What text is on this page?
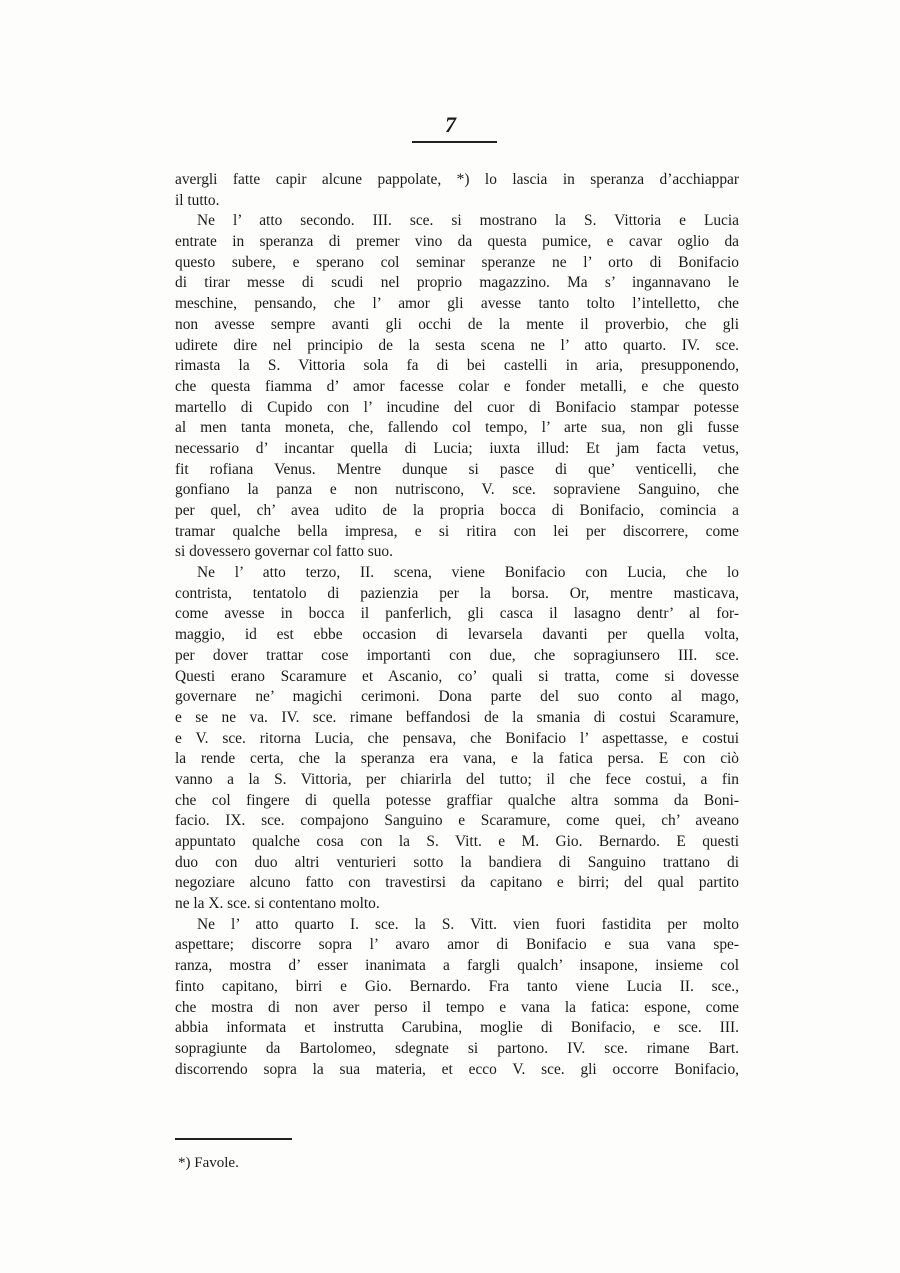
7
avergli fatte capir alcune pappolate, *) lo lascia in speranza d’acchiappar
il tutto.
Ne l’ atto secondo. III. sce. si mostrano la S. Vittoria e Lucia
entrate in speranza di premer vino da questa pumice, e cavar oglio da
questo subere, e sperano col seminar speranze ne l’ orto di Bonifacio
di tirar messe di scudi nel proprio magazzino. Ma s’ ingannavano le
meschine, pensando, che l’ amor gli avesse tanto tolto l’intelletto, che
non avesse sempre avanti gli occhi de la mente il proverbio, che gli
udirete dire nel principio de la sesta scena ne l’ atto quarto. IV. sce.
rimasta la S. Vittoria sola fa di bei castelli in aria, presupponendo,
che questa fiamma d’ amor facesse colar e fonder metalli, e che questo
martello di Cupido con l’ incudine del cuor di Bonifacio stampar potesse
al men tanta moneta, che, fallendo col tempo, l’ arte sua, non gli fusse
necessario d’ incantar quella di Lucia; iuxta illud: Et jam facta vetus,
fit rofiana Venus. Mentre dunque si pasce di que’ venticelli, che
gonfiano la panza e non nutriscono, V. sce. sopraviene Sanguino, che
per quel, ch’ avea udito de la propria bocca di Bonifacio, comincia a
tramar qualche bella impresa, e si ritira con lei per discorrere, come
si dovessero governar col fatto suo.
Ne l’ atto terzo, II. scena, viene Bonifacio con Lucia, che lo
contrista, tentatolo di pazienzia per la borsa. Or, mentre masticava,
come avesse in bocca il panferlich, gli casca il lasagno dentr’ al for-
maggio, id est ebbe occasion di levarsela davanti per quella volta,
per dover trattar cose importanti con due, che sopragiunsero III. sce.
Questi erano Scaramure et Ascanio, co’ quali si tratta, come si dovesse
governare ne’ magichi cerimoni. Dona parte del suo conto al mago,
e se ne va. IV. sce. rimane beffandosi de la smania di costui Scaramure,
e V. sce. ritorna Lucia, che pensava, che Bonifacio l’ aspettasse, e costui
la rende certa, che la speranza era vana, e la fatica persa. E con ciò
vanno a la S. Vittoria, per chiarirla del tutto; il che fece costui, a fin
che col fingere di quella potesse graffiar qualche altra somma da Boni-
facio. IX. sce. compajono Sanguino e Scaramure, come quei, ch’ aveano
appuntato qualche cosa con la S. Vitt. e M. Gio. Bernardo. E questi
duo con duo altri venturieri sotto la bandiera di Sanguino trattano di
negoziare alcuno fatto con travestirsi da capitano e birri; del qual partito
ne la X. sce. si contentano molto.
Ne l’ atto quarto I. sce. la S. Vitt. vien fuori fastidita per molto
aspettare; discorre sopra l’ avaro amor di Bonifacio e sua vana spe-
ranza, mostra d’ esser inanimata a fargli qualch’ insapone, insieme col
finto capitano, birri e Gio. Bernardo. Fra tanto viene Lucia II. sce.,
che mostra di non aver perso il tempo e vana la fatica: espone, come
abbia informata et instrutta Carubina, moglie di Bonifacio, e sce. III.
sopragiunte da Bartolomeo, sdegnate si partono. IV. sce. rimane Bart.
discorrendo sopra la sua materia, et ecco V. sce. gli occorre Bonifacio,
*) Favole.
